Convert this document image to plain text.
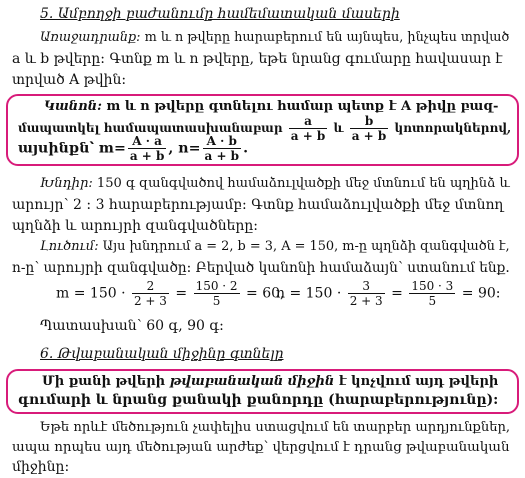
5. Ամբողջի բաժանումը համեմատական մասերի
Առաջադրանք: m և n թվերը հարաբերում են այնպես, ինչպես տրված
a և b թվերը: Գտնք m և n թվերը, եթե նրանց գումարը հավասար է
տրված A թվին:
Կանոն: m և n թվերը գտնելու համար պետք է A թիվը բազ-
մապատկել համապատասխանաբար $\frac{a}{a + b}$ և $\frac{b}{a + b}$ կոտորակներով,
այսինքն՝ $m= \frac{A \cdot a}{a + b}$ , $n= \frac{A \cdot b}{a + b}$ .
Խնդիր: 150 գ զանգվածով համաձուլվածքի մեջ մտնում են պղինձ և
արույր՝ 2 : 3 հարաբերությամբ: Գտնք համաձուլվածքի մեջ մտնող
պղնձի և արույրի զանգվածները:
Լուծում: Այս խնդրում a = 2, b = 3, A = 150, m-ը պղնձի զանգվածն է,
n-ը՝ արույրի զանգվածը: Բերված կանոնի համաձայն՝ ստանում ենք.
$m = 150 \cdot \frac{2}{2 + 3} = \frac{150 \cdot 2}{5} = 60$,
$n = 150 \cdot \frac{3}{2 + 3} = \frac{150 \cdot 3}{5} = 90$:
Պատասխան՝ 60 գ, 90 գ:
6. Թվաբանական միջինը գտնելը
Մի քանի թվերի թվաբանական միջին է կոչվում այդ թվերի
գումարի և նրանց քանակի քանորդը (հարաբերությունը):
Եթե որևէ մեծություն չափելիս ստացվում են տարբեր արդյունքներ,
ապա որպես այդ մեծության արժեք՝ վերցվում է դրանց թվաբանական
միջինը:
